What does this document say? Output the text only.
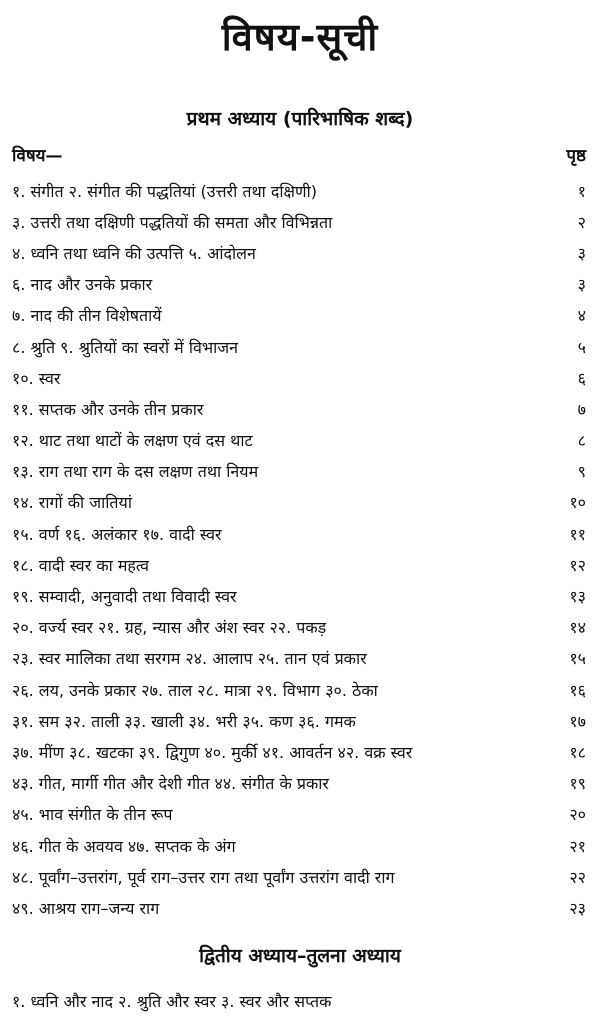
विषय-सूची
प्रथम अध्याय (पारिभाषिक शब्द)
विषय—	पृष्ठ
१. संगीत २. संगीत की पद्धतियां (उत्तरी तथा दक्षिणी)	१
३. उत्तरी तथा दक्षिणी पद्धतियों की समता और विभिन्नता	२
४. ध्वनि तथा ध्वनि की उत्पत्ति ५. आंदोलन	३
६. नाद और उनके प्रकार	३
७. नाद की तीन विशेषतायें	४
८. श्रुति ९. श्रुतियों का स्वरों में विभाजन	५
१०. स्वर	६
११. सप्तक और उनके तीन प्रकार	७
१२. थाट तथा थाटों के लक्षण एवं दस थाट	८
१३. राग तथा राग के दस लक्षण तथा नियम	९
१४. रागों की जातियां	१०
१५. वर्ण १६. अलंकार १७. वादी स्वर	११
१८. वादी स्वर का महत्व	१२
१९. सम्वादी, अनुवादी तथा विवादी स्वर	१३
२०. वर्ज्य स्वर २१. ग्रह, न्यास और अंश स्वर २२. पकड़	१४
२३. स्वर मालिका तथा सरगम २४. आलाप २५. तान एवं प्रकार	१५
२६. लय, उनके प्रकार २७. ताल २८. मात्रा २९. विभाग ३०. ठेका	१६
३१. सम ३२. ताली ३३. खाली ३४. भरी ३५. कण ३६. गमक	१७
३७. मींण ३८. खटका ३९. द्विगुण ४०. मुर्की ४१. आवर्तन ४२. वक्र स्वर	१८
४३. गीत, मार्गी गीत और देशी गीत ४४. संगीत के प्रकार	१९
४५. भाव संगीत के तीन रूप	२०
४६. गीत के अवयव ४७. सप्तक के अंग	२१
४८. पूर्वांग–उत्तरांग, पूर्व राग–उत्तर राग तथा पूर्वांग उत्तरांग वादी राग	२२
४९. आश्रय राग–जन्य राग	२३
द्वितीय अध्याय–तुलना अध्याय
१. ध्वनि और नाद २. श्रुति और स्वर ३. स्वर और सप्तक
